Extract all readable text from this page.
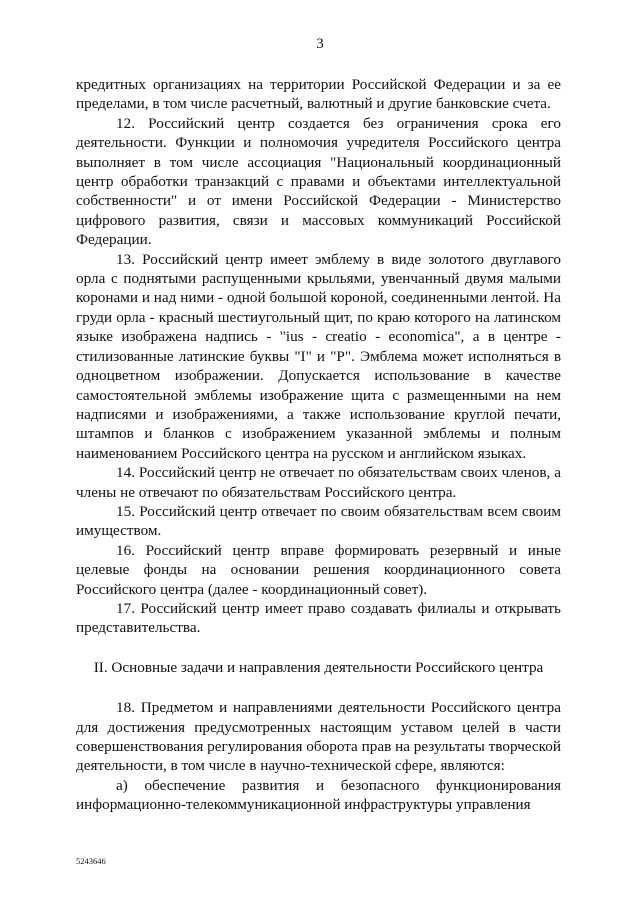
3

кредитных организациях на территории Российской Федерации и за ее пределами, в том числе расчетный, валютный и другие банковские счета.

12. Российский центр создается без ограничения срока его деятельности. Функции и полномочия учредителя Российского центра выполняет в том числе ассоциация "Национальный координационный центр обработки транзакций с правами и объектами интеллектуальной собственности" и от имени Российской Федерации - Министерство цифрового развития, связи и массовых коммуникаций Российской Федерации.

13. Российский центр имеет эмблему в виде золотого двуглавого орла с поднятыми распущенными крыльями, увенчанный двумя малыми коронами и над ними - одной большой короной, соединенными лентой. На груди орла - красный шестиугольный щит, по краю которого на латинском языке изображена надпись - "ius - creatio - economica", а в центре - стилизованные латинские буквы "I" и "Р". Эмблема может исполняться в одноцветном изображении. Допускается использование в качестве самостоятельной эмблемы изображение щита с размещенными на нем надписями и изображениями, а также использование круглой печати, штампов и бланков с изображением указанной эмблемы и полным наименованием Российского центра на русском и английском языках.

14. Российский центр не отвечает по обязательствам своих членов, а члены не отвечают по обязательствам Российского центра.

15. Российский центр отвечает по своим обязательствам всем своим имуществом.

16. Российский центр вправе формировать резервный и иные целевые фонды на основании решения координационного совета Российского центра (далее - координационный совет).

17. Российский центр имеет право создавать филиалы и открывать представительства.

II. Основные задачи и направления деятельности Российского центра

18. Предметом и направлениями деятельности Российского центра для достижения предусмотренных настоящим уставом целей в части совершенствования регулирования оборота прав на результаты творческой деятельности, в том числе в научно-технической сфере, являются:

а) обеспечение развития и безопасного функционирования информационно-телекоммуникационной инфраструктуры управления

5243646
